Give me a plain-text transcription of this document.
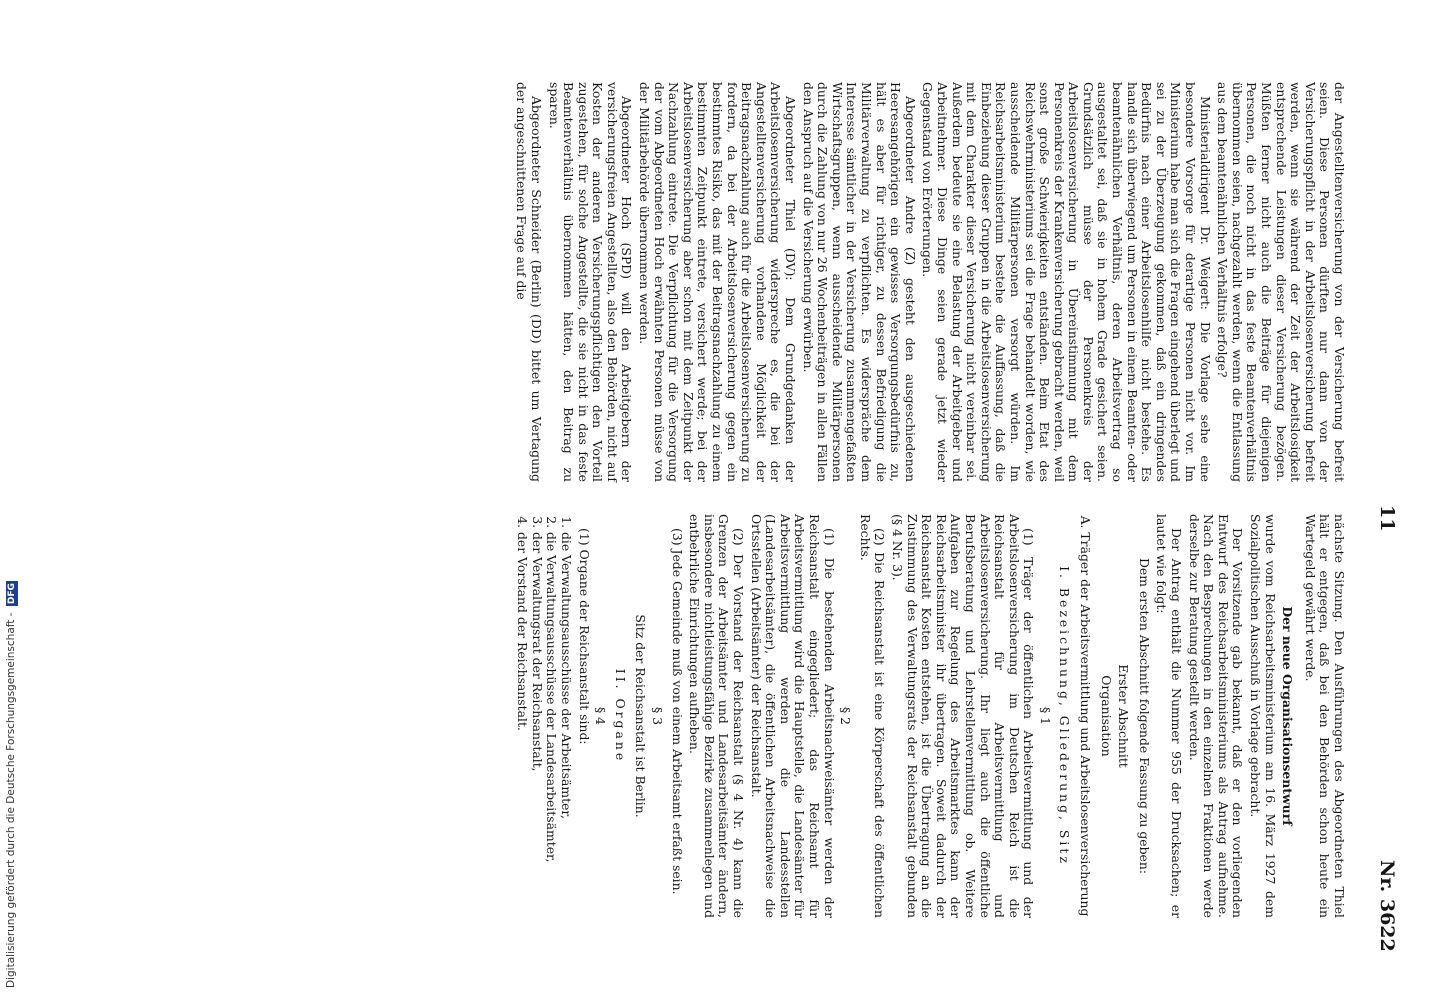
11
Nr. 3622

der Angestelltenversicherung von der Versicherung befreit seien. Diese Personen dürften nur dann von der Versicherungspflicht in der Arbeitslosenversicherung befreit werden, wenn sie während der Zeit der Arbeitslosigkeit entsprechende Leistungen dieser Versicherung bezögen. Müßten ferner nicht auch die Beiträge für diejenigen Personen, die noch nicht in das feste Beamtenverhältnis übernommen seien, nachgezahlt werden, wenn die Entlassung aus dem beamtenähnlichen Verhältnis erfolge?

Ministerialdirigent Dr. Weigert: Die Vorlage sehe eine besondere Vorsorge für derartige Personen nicht vor. Im Ministerium habe man sich die Fragen eingehend überlegt und sei zu der Überzeugung gekommen, daß ein dringendes Bedürfnis nach einer Arbeitslosenhilfe nicht bestehe. Es handle sich überwiegend um Personen in einem Beamten- oder beamtenähnlichen Verhältnis, deren Arbeitsvertrag so ausgestaltet sei, daß sie in hohem Grade gesichert seien. Grundsätzlich müsse der Personenkreis der Arbeitslosenversicherung in Übereinstimmung mit dem Personenkreis der Krankenversicherung gebracht werden, weil sonst große Schwierigkeiten entständen. Beim Etat des Reichswehrministeriums sei die Frage behandelt worden, wie ausscheidende Militärpersonen versorgt würden. Im Reichsarbeitsministerium bestehe die Auffassung, daß die Einbeziehung dieser Gruppen in die Arbeitslosenversicherung mit dem Charakter dieser Versicherung nicht vereinbar sei. Außerdem bedeute sie eine Belastung der Arbeitgeber und Arbeitnehmer. Diese Dinge seien gerade jetzt wieder Gegenstand von Erörterungen.

Abgeordneter Andre (Z) gesteht den ausgeschiedenen Heeresangehörigen ein gewisses Versorgungsbedürfnis zu, hält es aber für richtiger, zu dessen Befriedigung die Militärverwaltung zu verpflichten. Es widerspräche dem Interesse sämtlicher in der Versicherung zusammengefaßten Wirtschaftsgruppen, wenn ausscheidende Militärpersonen durch die Zahlung von nur 26 Wochenbeiträgen in allen Fällen den Anspruch auf die Versicherung erwürben.

Abgeordneter Thiel (DV): Dem Grundgedanken der Arbeitslosenversicherung widerspreche es, die bei der Angestelltenversicherung vorhandene Möglichkeit der Beitragsnachzahlung auch für die Arbeitslosenversicherung zu fordern, da bei der Arbeitslosenversicherung gegen ein bestimmtes Risiko, das mit der Beitragsnachzahlung zu einem bestimmten Zeitpunkt eintrete, versichert werde; bei der Arbeitslosenversicherung aber schon mit dem Zeitpunkt der Nachzahlung eintrete. Die Verpflichtung für die Versorgung der vom Abgeordneten Hoch erwähnten Personen müsse von der Militärbehörde übernommen werden.

Abgeordneter Hoch (SPD) will den Arbeitgebern der versicherungsfreien Angestellten, also den Behörden, nicht auf Kosten der anderen Versicherungspflichtigen den Vorteil zugestehen, für solche Angestellte, die sie nicht in das feste Beamtenverhältnis übernommen hätten, den Beitrag zu sparen.

Abgeordneter Schneider (Berlin) (DD) bittet um Vertagung der angeschnittenen Frage auf die

nächste Sitzung. Den Ausführungen des Abgeordneten Thiel hält er entgegen, daß bei den Behörden schon heute ein Wartegeld gewährt werde.

Der neue Organisationsentwurf

wurde vom Reichsarbeitsministerium am 16. März 1927 dem Sozialpolitischen Ausschuß in Vorlage gebracht.

Der Vorsitzende gab bekannt, daß er den vorliegenden Entwurf des Reichsarbeitsministeriums als Antrag aufnehme. Nach den Besprechungen in den einzelnen Fraktionen werde derselbe zur Beratung gestellt werden.

Der Antrag enthält die Nummer 955 der Drucksachen; er lautet wie folgt:

Dem ersten Abschnitt folgende Fassung zu geben:

Erster Abschnitt

Organisation

A. Träger der Arbeitsvermittlung und Arbeitslosenversicherung

I. Bezeichnung, Gliederung, Sitz

§ 1

(1) Träger der öffentlichen Arbeitsvermittlung und der Arbeitslosenversicherung im Deutschen Reich ist die Reichsanstalt für Arbeitsvermittlung und Arbeitslosenversicherung. Ihr liegt auch die öffentliche Berufsberatung und Lehrstellenvermittlung ob. Weitere Aufgaben zur Regelung des Arbeitsmarktes kann der Reichsarbeitsminister ihr übertragen. Soweit dadurch der Reichsanstalt Kosten entstehen, ist die Übertragung an die Zustimmung des Verwaltungsrats der Reichsanstalt gebunden (§ 4 Nr. 3).

(2) Die Reichsanstalt ist eine Körperschaft des öffentlichen Rechts.

§ 2

(1) Die bestehenden Arbeitsnachweisämter werden der Reichsanstalt eingegliedert; das Reichsamt für Arbeitsvermittlung wird die Hauptstelle, die Landesämter für Arbeitsvermittlung werden die Landesstellen (Landesarbeitsämter), die öffentlichen Arbeitsnachweise die Ortsstellen (Arbeitsämter) der Reichsanstalt.

(2) Der Vorstand der Reichsanstalt (§ 4 Nr. 4) kann die Grenzen der Arbeitsämter und Landesarbeitsämter ändern, insbesondere nichtleistungsfähige Bezirke zusammenlegen und entbehrliche Einrichtungen aufheben.

(3) Jede Gemeinde muß von einem Arbeitsamt erfaßt sein.

§ 3

Sitz der Reichsanstalt ist Berlin.

II. Organe

§ 4

(1) Organe der Reichsanstalt sind:

1. die Verwaltungsausschüsse der Arbeitsämter,
2. die Verwaltungsausschüsse der Landesarbeitsämter,
3. der Verwaltungsrat der Reichsanstalt,
4. der Vorstand der Reichsanstalt.
Digitalisierung gefördert durch die Deutsche Forschungsgemeinschaft - DFG
